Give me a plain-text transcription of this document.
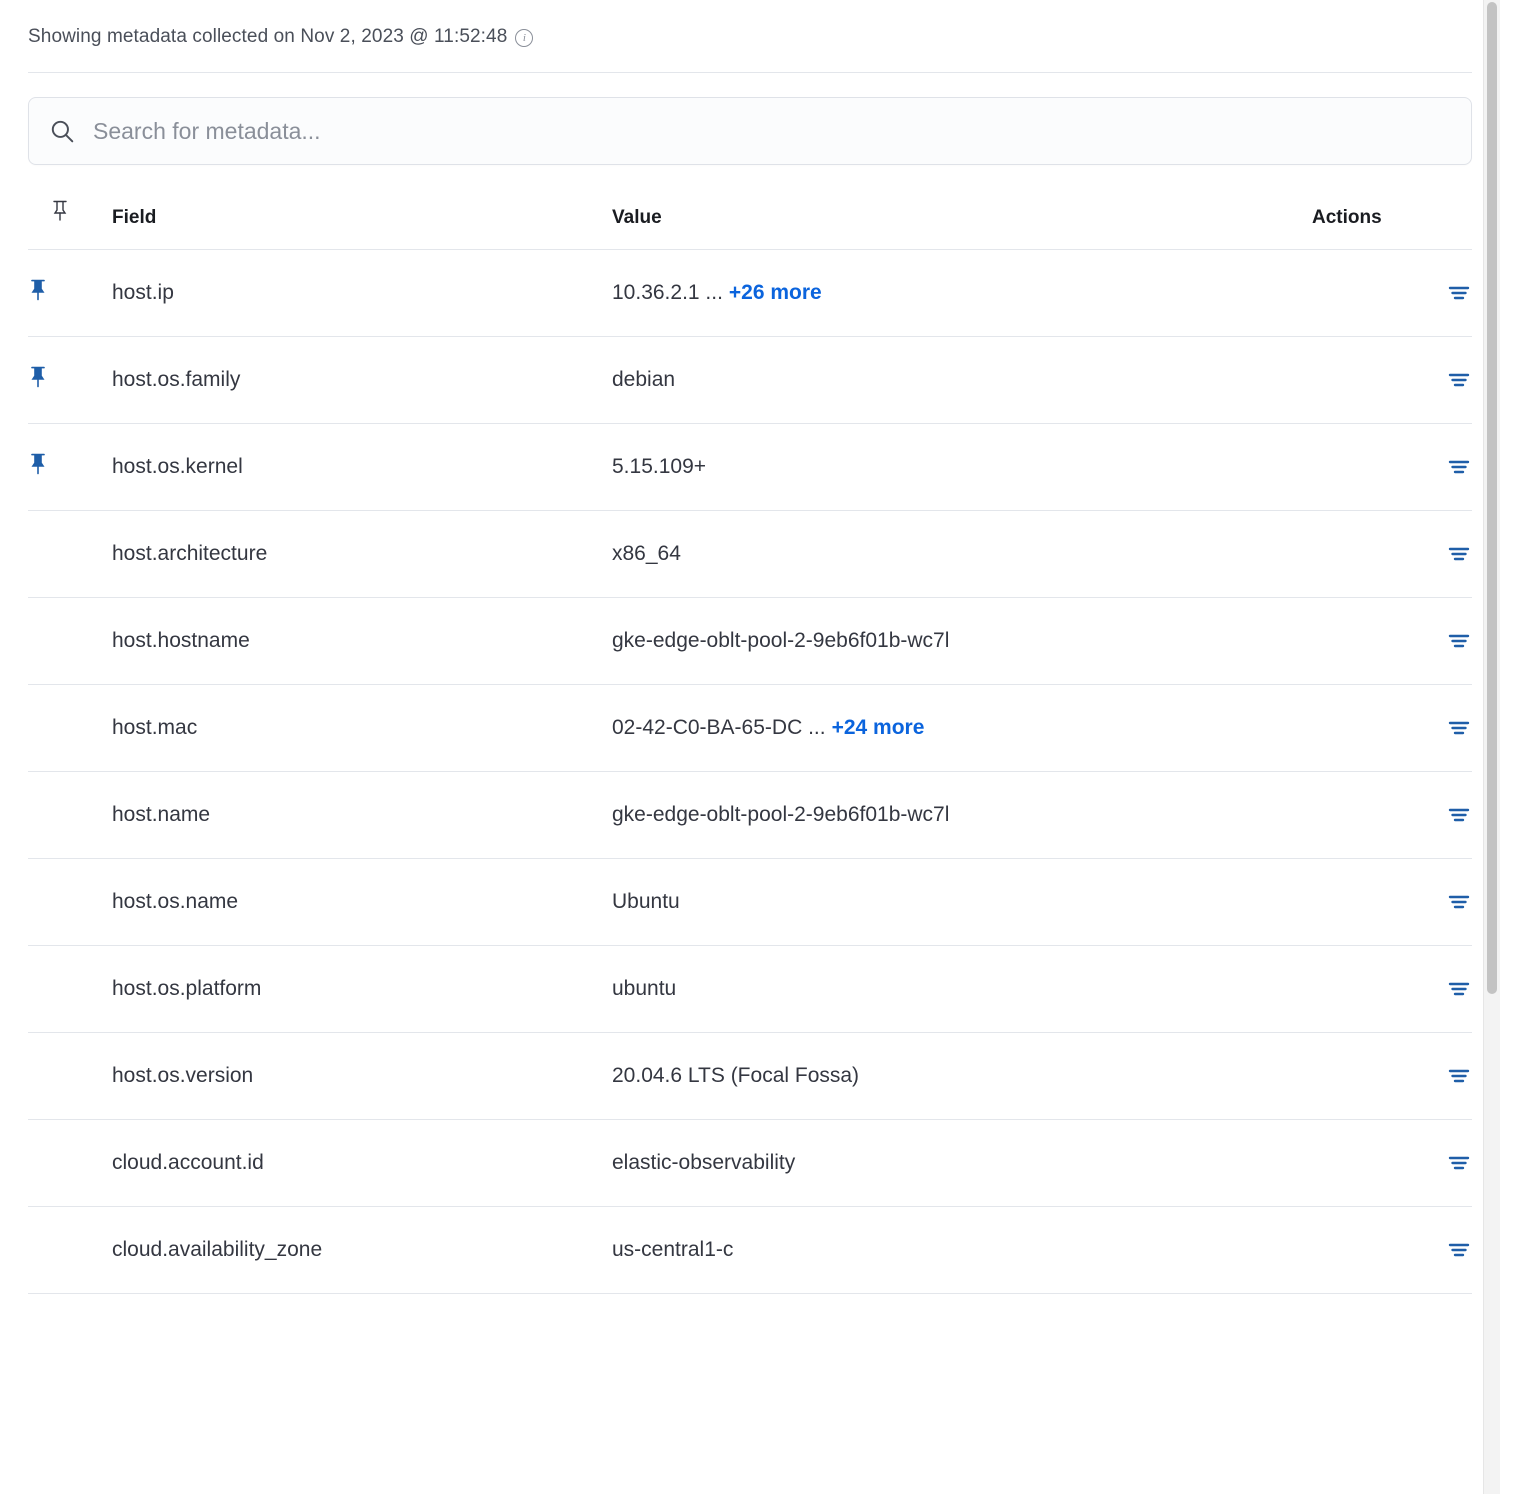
Showing metadata collected on Nov 2, 2023 @ 11:52:48	i
Search for metadata...
	Field	Value	Actions
	host.ip	10.36.2.1 ... +26 more	
	host.os.family	debian	
	host.os.kernel	5.15.109+	
	host.architecture	x86_64	
	host.hostname	gke-edge-oblt-pool-2-9eb6f01b-wc7l	
	host.mac	02-42-C0-BA-65-DC ... +24 more	
	host.name	gke-edge-oblt-pool-2-9eb6f01b-wc7l	
	host.os.name	Ubuntu	
	host.os.platform	ubuntu	
	host.os.version	20.04.6 LTS (Focal Fossa)	
	cloud.account.id	elastic-observability	
	cloud.availability_zone	us-central1-c	
